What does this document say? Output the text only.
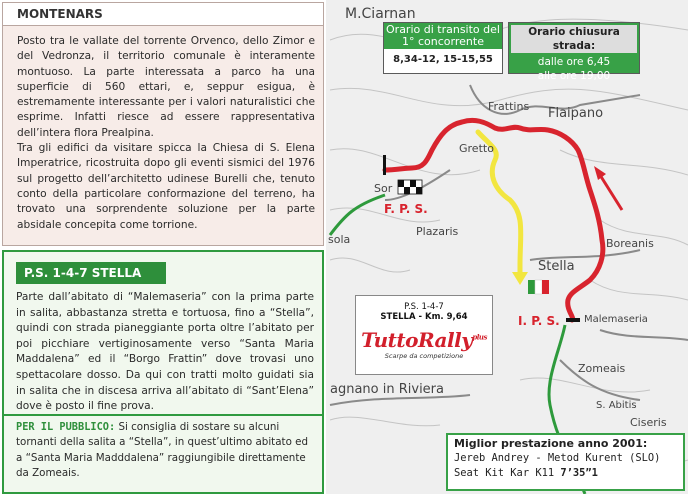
MONTENARS

Posto tra le vallate del torrente Orvenco, dello Zimor e del Vedronza, il territorio comunale è interamente montuoso. La parte interessata a parco ha una superficie di 560 ettari, e, seppur esigua, è estremamente interessante per i valori naturalistici che esprime. Infatti riesce ad essere rappresentativa dell’intera flora Prealpina.

Tra gli edifici da visitare spicca la Chiesa di S. Elena Imperatrice, ricostruita dopo gli eventi sismici del 1976 sul progetto dell’architetto udinese Burelli che, tenuto conto della particolare conformazione del terreno, ha trovato una sorprendente soluzione per la parte absidale concepita come torrione.

P.S. 1-4-7 STELLA

Parte dall’abitato di “Malemaseria” con la prima parte in salita, abbastanza stretta e tortuosa, fino a “Stella”, quindi con strada pianeggiante porta oltre l’abitato per poi picchiare vertiginosamente verso “Santa Maria Maddalena” ed il “Borgo Frattin” dove trovasi uno spettacolare dosso. Da qui con tratti molto guidati sia in salita che in discesa arriva all’abitato di “Sant’Elena” dove è posto il fine prova.

PER IL PUBBLICO: Si consiglia di sostare su alcuni tornanti della salita a “Stella”, in quest’ultimo abitato ed a “Santa Maria Madddalena” raggiungibile direttamente da Zomeais.
M.Ciarnan
Frattins Flaipano
Gretto
Sor
sola
Plazaris
Boreanis
Stella
Malemaseria
agnano in Riviera
Zomeais
S. Abitis
Ciseris
F. P. S.
I. P. S.
Orario di transito del
1° concorrente
8,34-12, 15-15,55
Orario chiusura strada:
dalle ore 6,45
alle ore 19,00
P.S. 1-4-7
STELLA - Km. 9,64
TuttoRally$^{plus}$
Scarpe da competizione
Miglior prestazione anno 2001:
Jereb Andrey - Metod Kurent (SLO)
Seat Kit Kar K11 7’35”1
